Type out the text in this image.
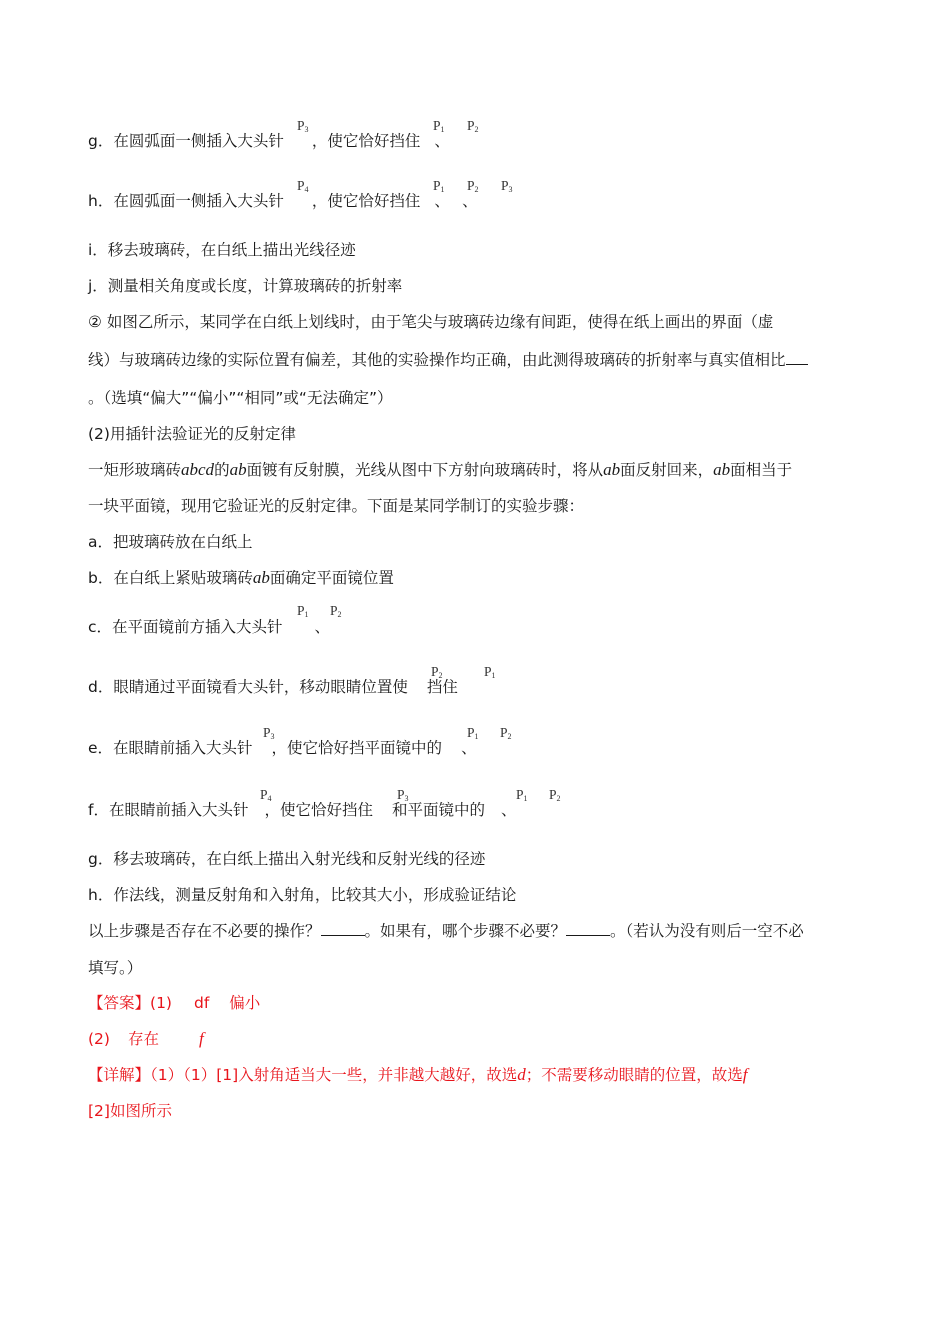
g．在圆弧面一侧插入大头针 ，使它恰好挡住 、
$P_3$	$P_1$ $P_2$
h．在圆弧面一侧插入大头针 ，使它恰好挡住 、 、
$P_4$	$P_1$ $P_2$ $P_3$
i．移去玻璃砖，在白纸上描出光线径迹
j．测量相关角度或长度，计算玻璃砖的折射率
② 如图乙所示，某同学在白纸上划线时，由于笔尖与玻璃砖边缘有间距，使得在纸上画出的界面（虚
线）与玻璃砖边缘的实际位置有偏差，其他的实验操作均正确，由此测得玻璃砖的折射率与真实值相比
。（选填“偏大”“偏小”“相同”或“无法确定”）
(2)用插针法验证光的反射定律
一矩形玻璃砖abcd的ab面镀有反射膜，光线从图中下方射向玻璃砖时，将从ab面反射回来，ab面相当于
一块平面镜，现用它验证光的反射定律。下面是某同学制订的实验步骤：
a．把玻璃砖放在白纸上
b．在白纸上紧贴玻璃砖ab面确定平面镜位置
c．在平面镜前方插入大头针 、
$P_1$ $P_2$
d．眼睛通过平面镜看大头针，移动眼睛位置使 挡住
$P_2$	$P_1$
e．在眼睛前插入大头针 ，使它恰好挡平面镜中的 、
$P_3$	$P_1$ $P_2$
f．在眼睛前插入大头针 ，使它恰好挡住 和平面镜中的 、
$P_4$	$P_3$	$P_1$ $P_2$
g．移去玻璃砖，在白纸上描出入射光线和反射光线的径迹
h．作法线，测量反射角和入射角，比较其大小，形成验证结论
以上步骤是否存在不必要的操作？	。如果有，哪个步骤不必要？	。（若认为没有则后一空不必
填写。）
【答案】(1) df 偏小
(2) 存在 f
【详解】（1）（1）[1]入射角适当大一些，并非越大越好，故选d；不需要移动眼睛的位置，故选f
[2]如图所示
